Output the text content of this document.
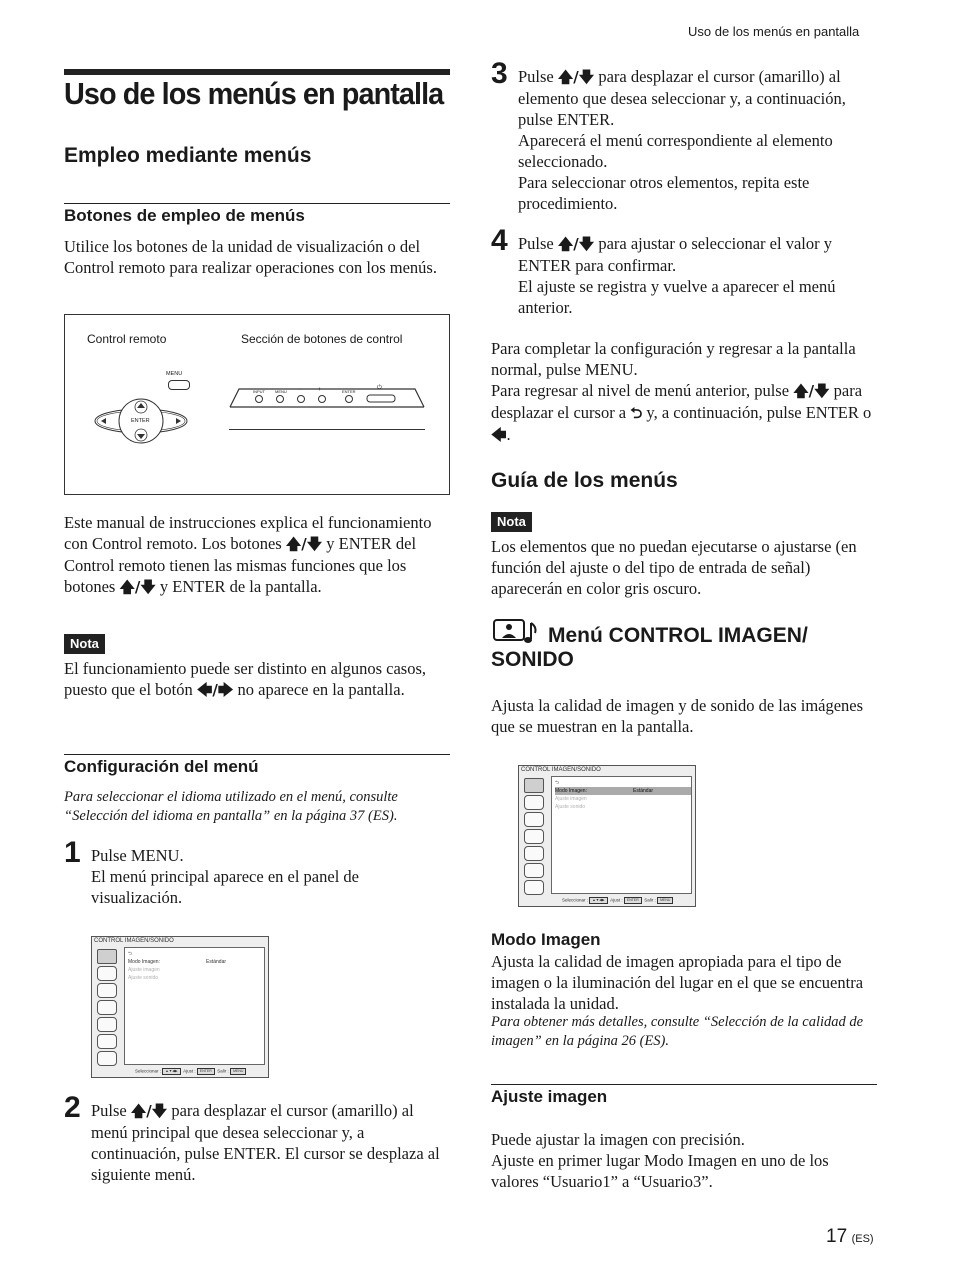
Uso de los menús en pantalla
Uso de los menús en pantalla
Empleo mediante menús
Botones de empleo de menús
Utilice los botones de la unidad de visualización o del Control remoto para realizar operaciones con los menús.
Control remoto	Sección de botones de control
MENU
ENTER
INPUT	MENU –	+	ENTER
⏻
Este manual de instrucciones explica el funcionamiento con Control remoto. Los botones 🡅/🡇 y ENTER del Control remoto tienen las mismas funciones que los botones 🡅/🡇 y ENTER de la pantalla.
Nota
El funcionamiento puede ser distinto en algunos casos, puesto que el botón 🡄/🡆 no aparece en la pantalla.
Configuración del menú
Para seleccionar el idioma utilizado en el menú, consulte “Selección del idioma en pantalla” en la página 37 (ES).
1 Pulse MENU.
El menú principal aparece en el panel de visualización.
CONTROL IMAGEN/SONIDO
⮌
Modo Imagen:	Estándar
Ajuste imagen
Ajuste sonido
Seleccionar : ▲▼◀▶ Ajust : ENTER Salir : MENU
2 Pulse 🡅/🡇 para desplazar el cursor (amarillo) al menú principal que desea seleccionar y, a continuación, pulse ENTER. El cursor se desplaza al siguiente menú.
3 Pulse 🡅/🡇 para desplazar el cursor (amarillo) al elemento que desea seleccionar y, a continuación, pulse ENTER.
Aparecerá el menú correspondiente al elemento seleccionado.
Para seleccionar otros elementos, repita este procedimiento.
4 Pulse 🡅/🡇 para ajustar o seleccionar el valor y ENTER para confirmar.
El ajuste se registra y vuelve a aparecer el menú anterior.
Para completar la configuración y regresar a la pantalla normal, pulse MENU.
Para regresar al nivel de menú anterior, pulse 🡅/🡇 para desplazar el cursor a ⮌ y, a continuación, pulse ENTER o 🡄.
Guía de los menús
Nota
Los elementos que no puedan ejecutarse o ajustarse (en función del ajuste o del tipo de entrada de señal) aparecerán en color gris oscuro.
Menú CONTROL IMAGEN/
SONIDO
Ajusta la calidad de imagen y de sonido de las imágenes que se muestran en la pantalla.
CONTROL IMAGEN/SONIDO
⮌
Modo Imagen:	Estándar
Ajuste imagen
Ajuste sonido
Seleccionar : ▲▼◀▶ Ajust : ENTER Salir : MENU
Modo Imagen
Ajusta la calidad de imagen apropiada para el tipo de imagen o la iluminación del lugar en el que se encuentra instalada la unidad.
Para obtener más detalles, consulte “Selección de la calidad de imagen” en la página 26 (ES).
Ajuste imagen
Puede ajustar la imagen con precisión.
Ajuste en primer lugar Modo Imagen en uno de los valores “Usuario1” a “Usuario3”.
17 (ES)
